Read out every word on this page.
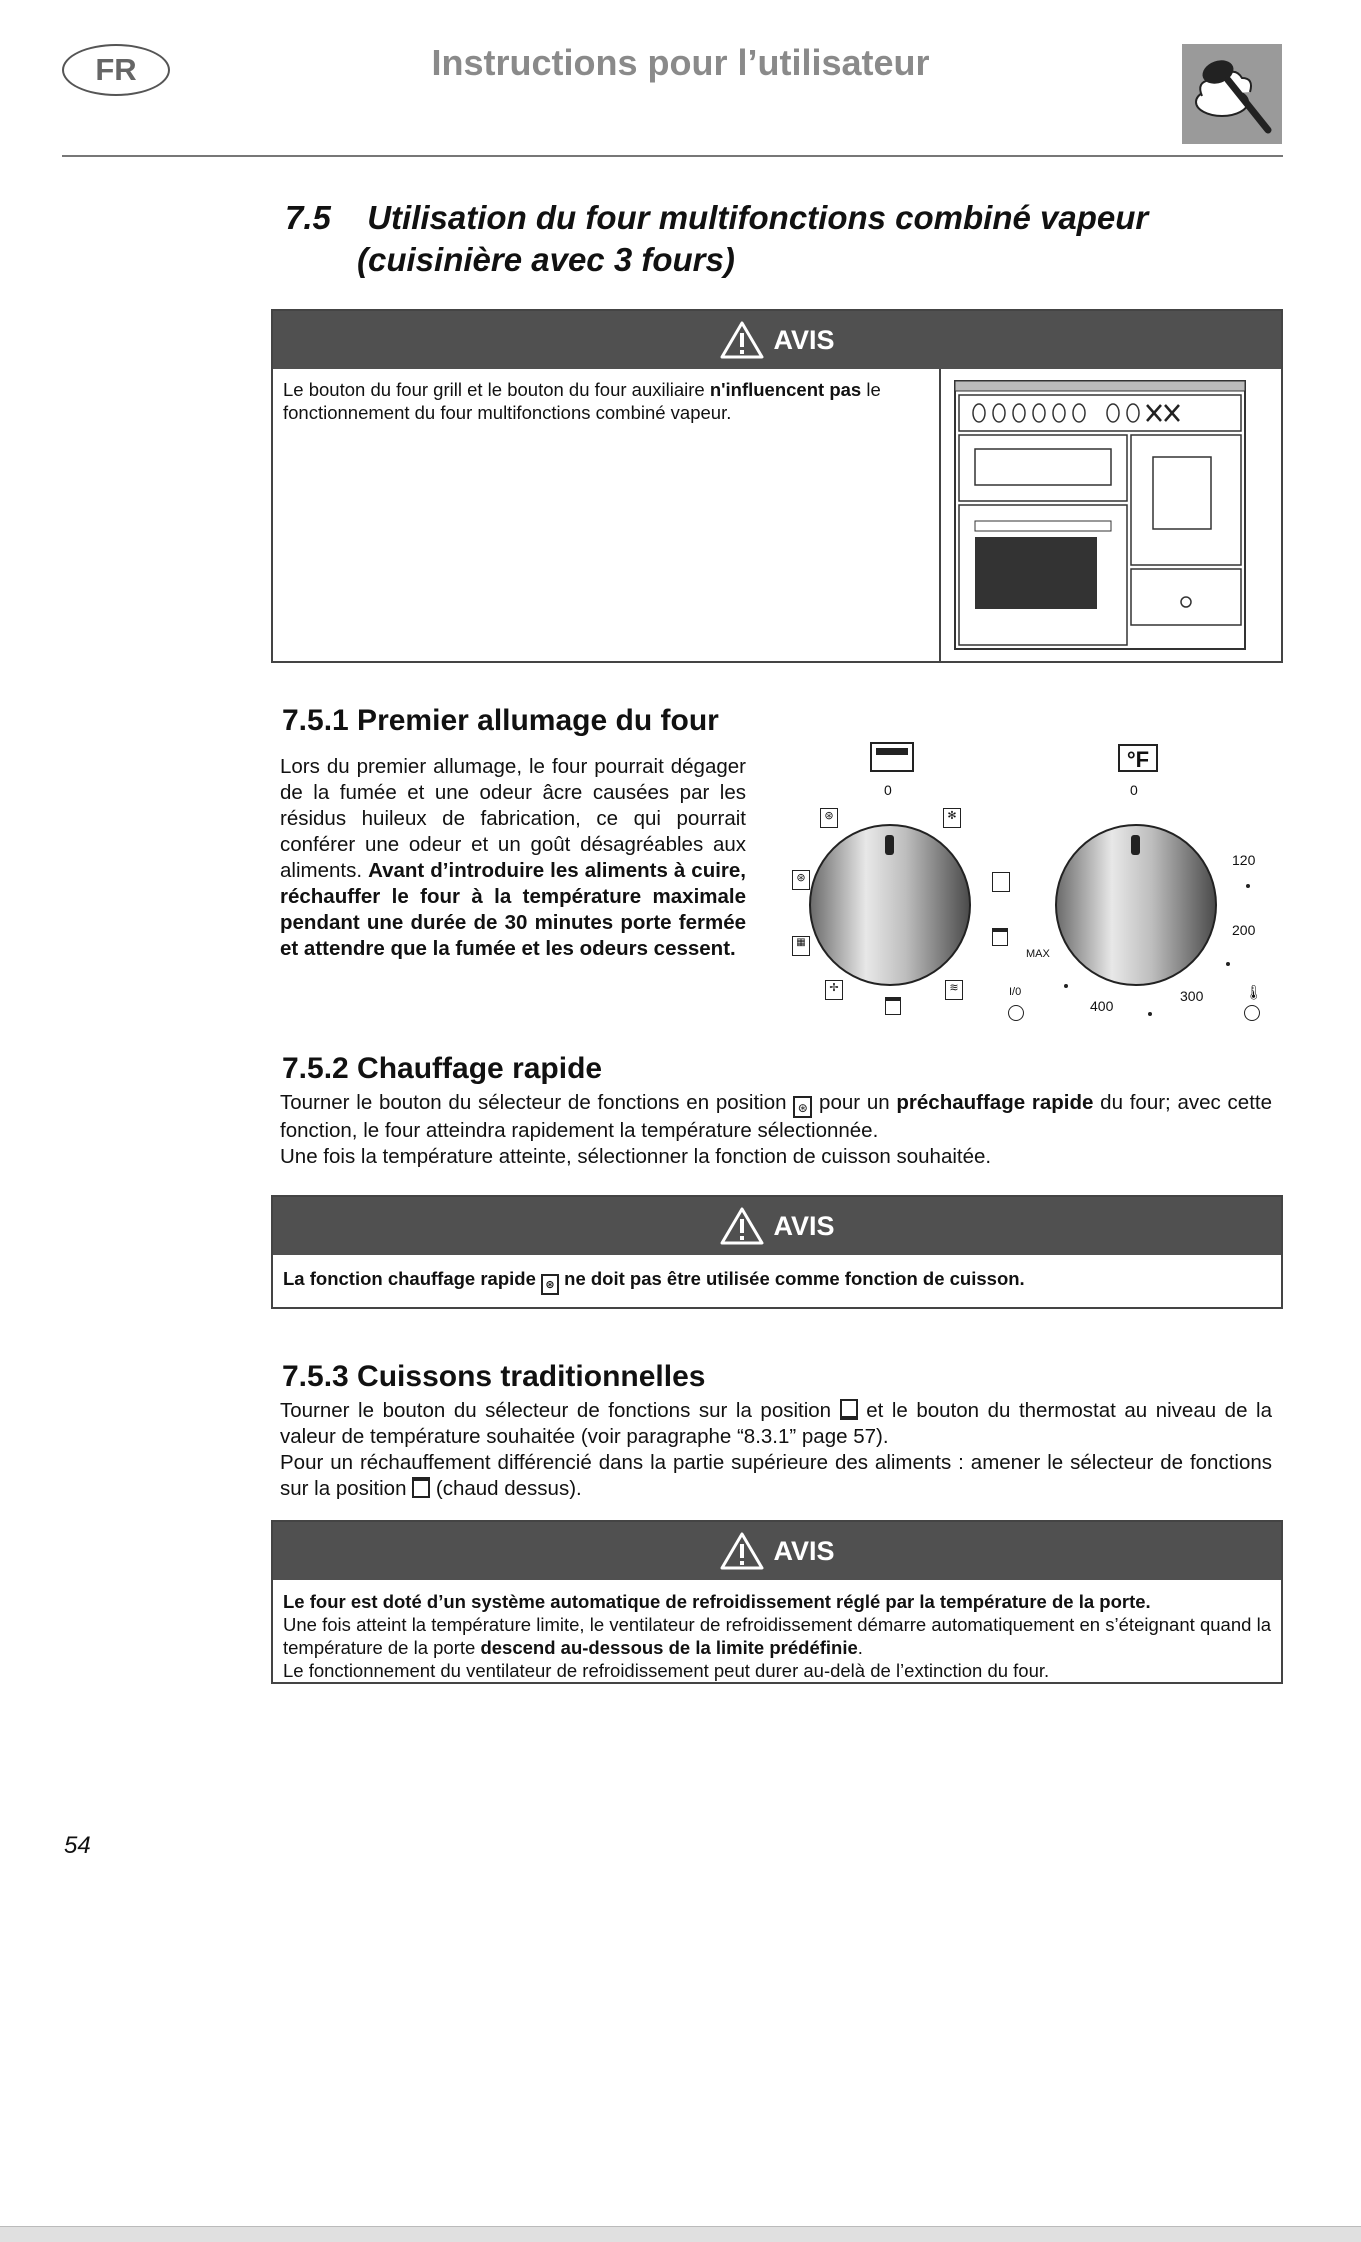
FR	Instructions pour l’utilisateur
7.5 Utilisation du four multifonctions combiné vapeur
(cuisinière avec 3 fours)
AVIS
Le bouton du four grill et le bouton du four auxiliaire n'influencent pas le fonctionnement du four multifonctions combiné vapeur.
7.5.1 Premier allumage du four
Lors du premier allumage, le four pourrait dégager de la fumée et une odeur âcre causées par les résidus huileux de fabrication, ce qui pourrait conférer une odeur et un goût désagréables aux aliments. Avant d’introduire les aliments à cuire, réchauffer le four à la température maximale pendant une durée de 30 minutes porte fermée et attendre que la fumée et les odeurs cessent.
0
⊛	✻
⊛
▦
✢	≋	I/0
°F
0
120
200
300
400
MAX
🌡
7.5.2 Chauffage rapide
Tourner le bouton du sélecteur de fonctions en position ⊛ pour un préchauffage rapide du four; avec cette fonction, le four atteindra rapidement la température sélectionnée.
Une fois la température atteinte, sélectionner la fonction de cuisson souhaitée.
AVIS
La fonction chauffage rapide ⊛ ne doit pas être utilisée comme fonction de cuisson.
7.5.3 Cuissons traditionnelles
Tourner le bouton du sélecteur de fonctions sur la position  et le bouton du thermostat au niveau de la valeur de température souhaitée (voir paragraphe “8.3.1” page 57).
Pour un réchauffement différencié dans la partie supérieure des aliments : amener le sélecteur de fonctions sur la position  (chaud dessus).
AVIS
Le four est doté d’un système automatique de refroidissement réglé par la température de la porte.
Une fois atteint la température limite, le ventilateur de refroidissement démarre automatiquement en s’éteignant quand la température de la porte descend au-dessous de la limite prédéfinie.
Le fonctionnement du ventilateur de refroidissement peut durer au-delà de l’extinction du four.
54
